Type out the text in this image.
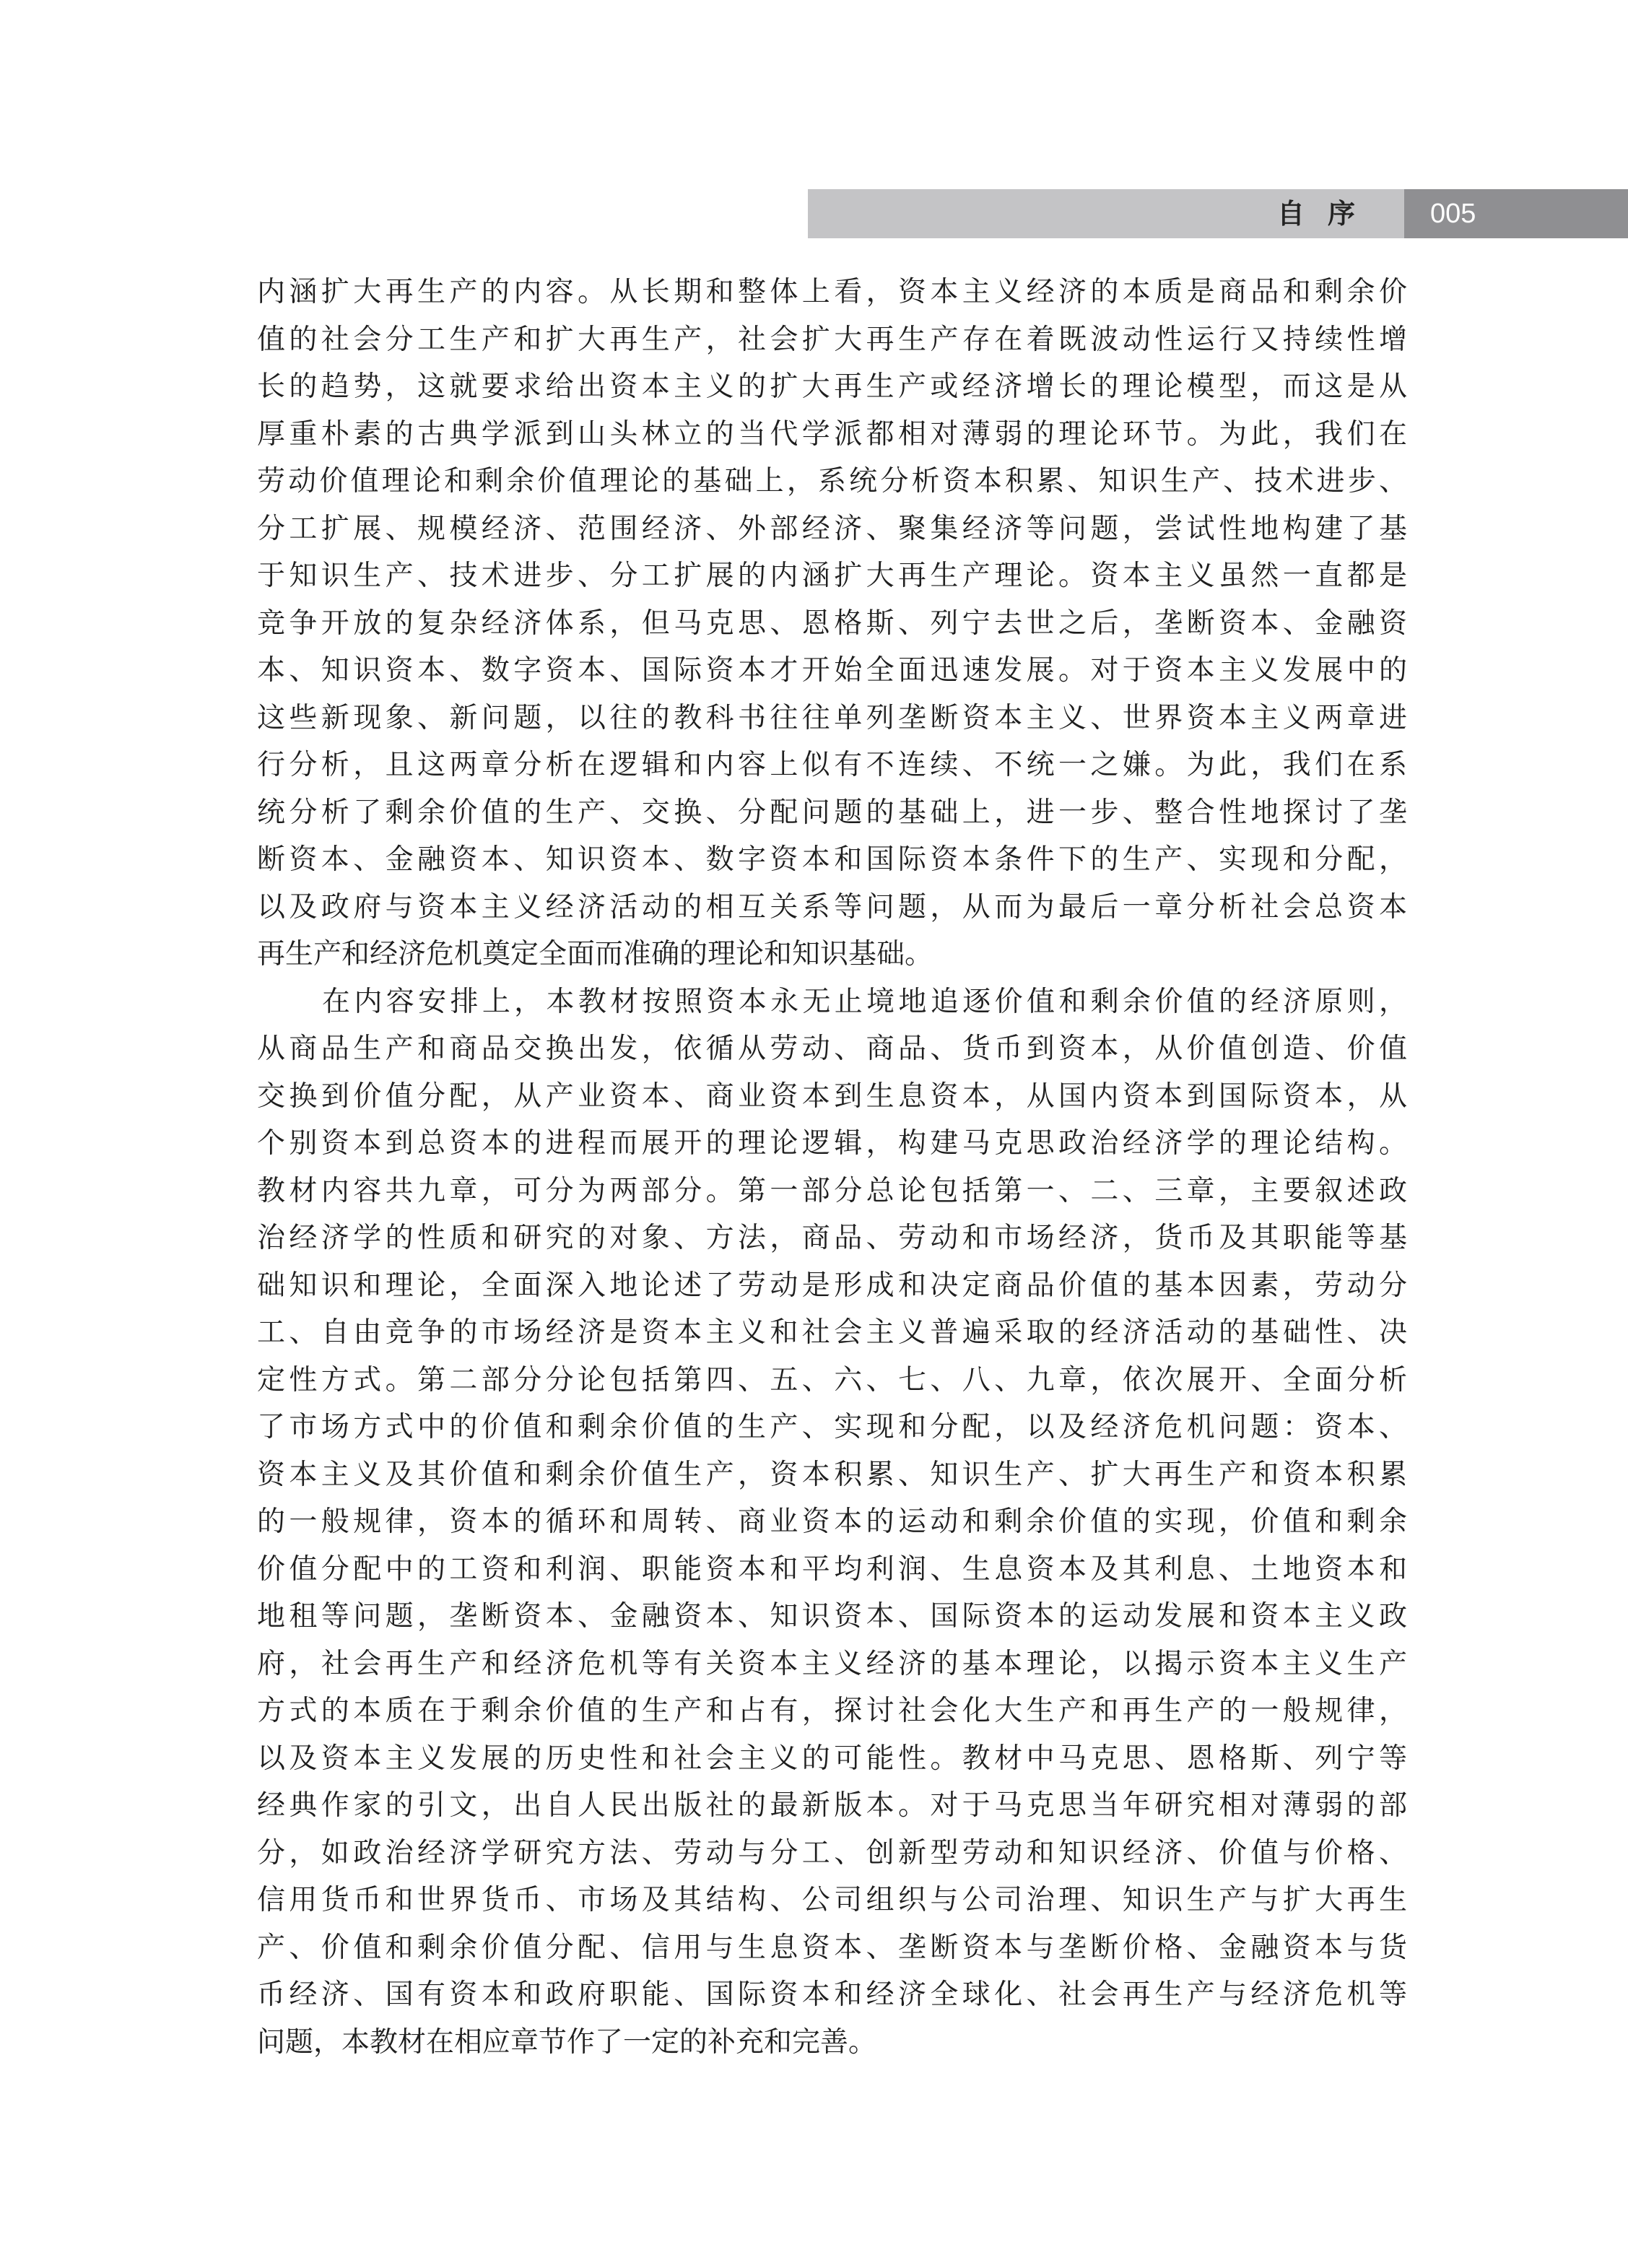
自序 005
内涵扩大再生产的内容。从长期和整体上看，资本主义经济的本质是商品和剩余价
值的社会分工生产和扩大再生产，社会扩大再生产存在着既波动性运行又持续性增
长的趋势，这就要求给出资本主义的扩大再生产或经济增长的理论模型，而这是从
厚重朴素的古典学派到山头林立的当代学派都相对薄弱的理论环节。为此，我们在
劳动价值理论和剩余价值理论的基础上，系统分析资本积累、知识生产、技术进步、
分工扩展、规模经济、范围经济、外部经济、聚集经济等问题，尝试性地构建了基
于知识生产、技术进步、分工扩展的内涵扩大再生产理论。资本主义虽然一直都是
竞争开放的复杂经济体系，但马克思、恩格斯、列宁去世之后，垄断资本、金融资
本、知识资本、数字资本、国际资本才开始全面迅速发展。对于资本主义发展中的
这些新现象、新问题，以往的教科书往往单列垄断资本主义、世界资本主义两章进
行分析，且这两章分析在逻辑和内容上似有不连续、不统一之嫌。为此，我们在系
统分析了剩余价值的生产、交换、分配问题的基础上，进一步、整合性地探讨了垄
断资本、金融资本、知识资本、数字资本和国际资本条件下的生产、实现和分配，
以及政府与资本主义经济活动的相互关系等问题，从而为最后一章分析社会总资本
再生产和经济危机奠定全面而准确的理论和知识基础。
在内容安排上，本教材按照资本永无止境地追逐价值和剩余价值的经济原则，
从商品生产和商品交换出发，依循从劳动、商品、货币到资本，从价值创造、价值
交换到价值分配，从产业资本、商业资本到生息资本，从国内资本到国际资本，从
个别资本到总资本的进程而展开的理论逻辑，构建马克思政治经济学的理论结构。
教材内容共九章，可分为两部分。第一部分总论包括第一、二、三章，主要叙述政
治经济学的性质和研究的对象、方法，商品、劳动和市场经济，货币及其职能等基
础知识和理论，全面深入地论述了劳动是形成和决定商品价值的基本因素，劳动分
工、自由竞争的市场经济是资本主义和社会主义普遍采取的经济活动的基础性、决
定性方式。第二部分分论包括第四、五、六、七、八、九章，依次展开、全面分析
了市场方式中的价值和剩余价值的生产、实现和分配，以及经济危机问题：资本、
资本主义及其价值和剩余价值生产，资本积累、知识生产、扩大再生产和资本积累
的一般规律，资本的循环和周转、商业资本的运动和剩余价值的实现，价值和剩余
价值分配中的工资和利润、职能资本和平均利润、生息资本及其利息、土地资本和
地租等问题，垄断资本、金融资本、知识资本、国际资本的运动发展和资本主义政
府，社会再生产和经济危机等有关资本主义经济的基本理论，以揭示资本主义生产
方式的本质在于剩余价值的生产和占有，探讨社会化大生产和再生产的一般规律，
以及资本主义发展的历史性和社会主义的可能性。教材中马克思、恩格斯、列宁等
经典作家的引文，出自人民出版社的最新版本。对于马克思当年研究相对薄弱的部
分，如政治经济学研究方法、劳动与分工、创新型劳动和知识经济、价值与价格、
信用货币和世界货币、市场及其结构、公司组织与公司治理、知识生产与扩大再生
产、价值和剩余价值分配、信用与生息资本、垄断资本与垄断价格、金融资本与货
币经济、国有资本和政府职能、国际资本和经济全球化、社会再生产与经济危机等
问题，本教材在相应章节作了一定的补充和完善。
